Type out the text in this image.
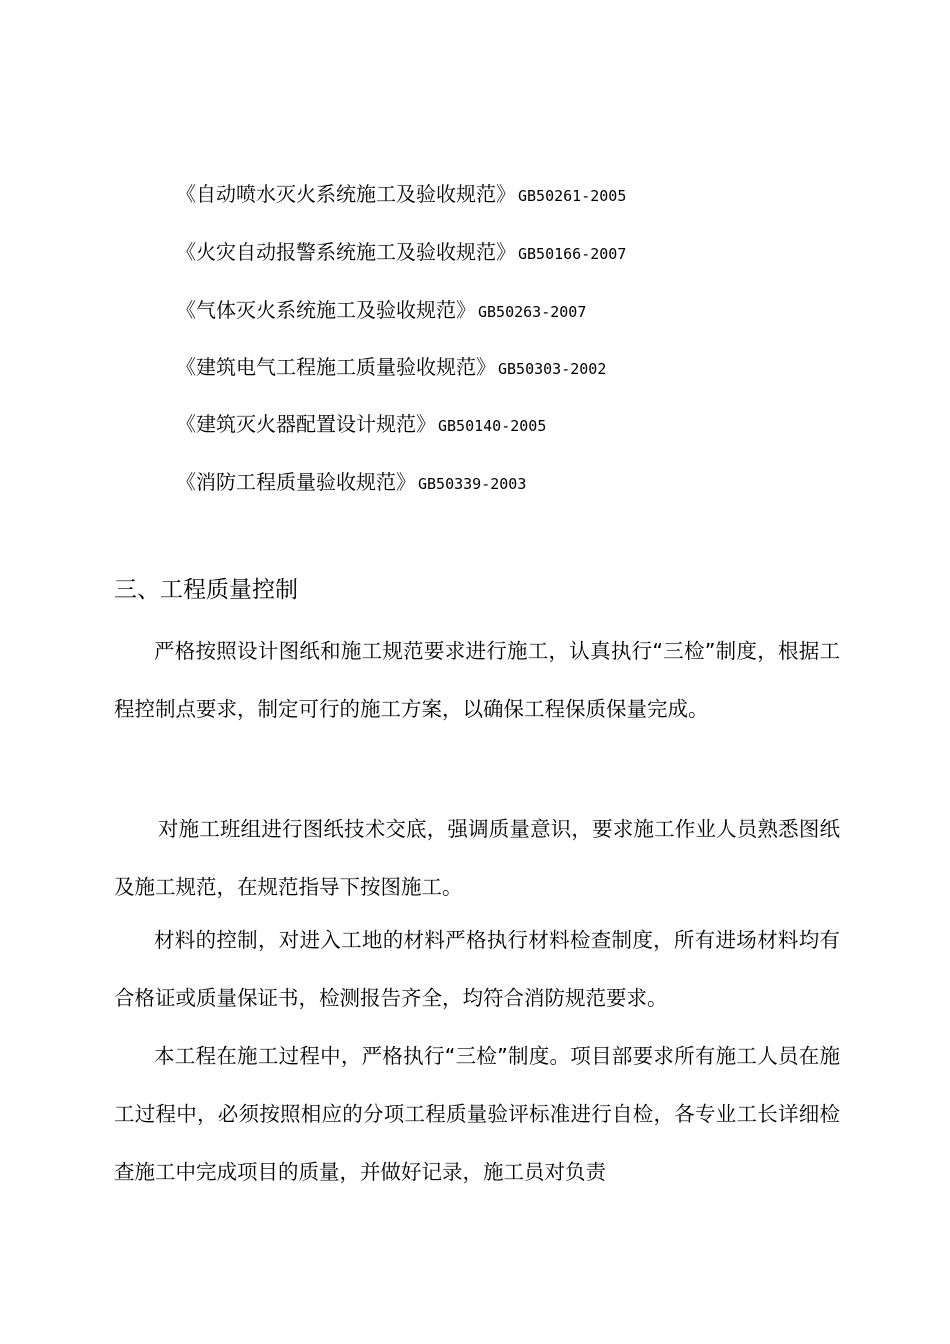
《自动喷水灭火系统施工及验收规范》 GB50261-2005
《火灾自动报警系统施工及验收规范》 GB50166-2007
《气体灭火系统施工及验收规范》 GB50263-2007
《建筑电气工程施工质量验收规范》 GB50303-2002
《建筑灭火器配置设计规范》 GB50140-2005
《消防工程质量验收规范》 GB50339-2003
三、工程质量控制

严格按照设计图纸和施工规范要求进行施工，认真执行“三检”制度，根据工程控制点要求，制定可行的施工方案，以确保工程保质保量完成。

对施工班组进行图纸技术交底，强调质量意识，要求施工作业人员熟悉图纸及施工规范，在规范指导下按图施工。

材料的控制，对进入工地的材料严格执行材料检查制度，所有进场材料均有合格证或质量保证书，检测报告齐全，均符合消防规范要求。

本工程在施工过程中，严格执行“三检”制度。项目部要求所有施工人员在施工过程中，必须按照相应的分项工程质量验评标准进行自检，各专业工长详细检查施工中完成项目的质量，并做好记录，施工员对负责
